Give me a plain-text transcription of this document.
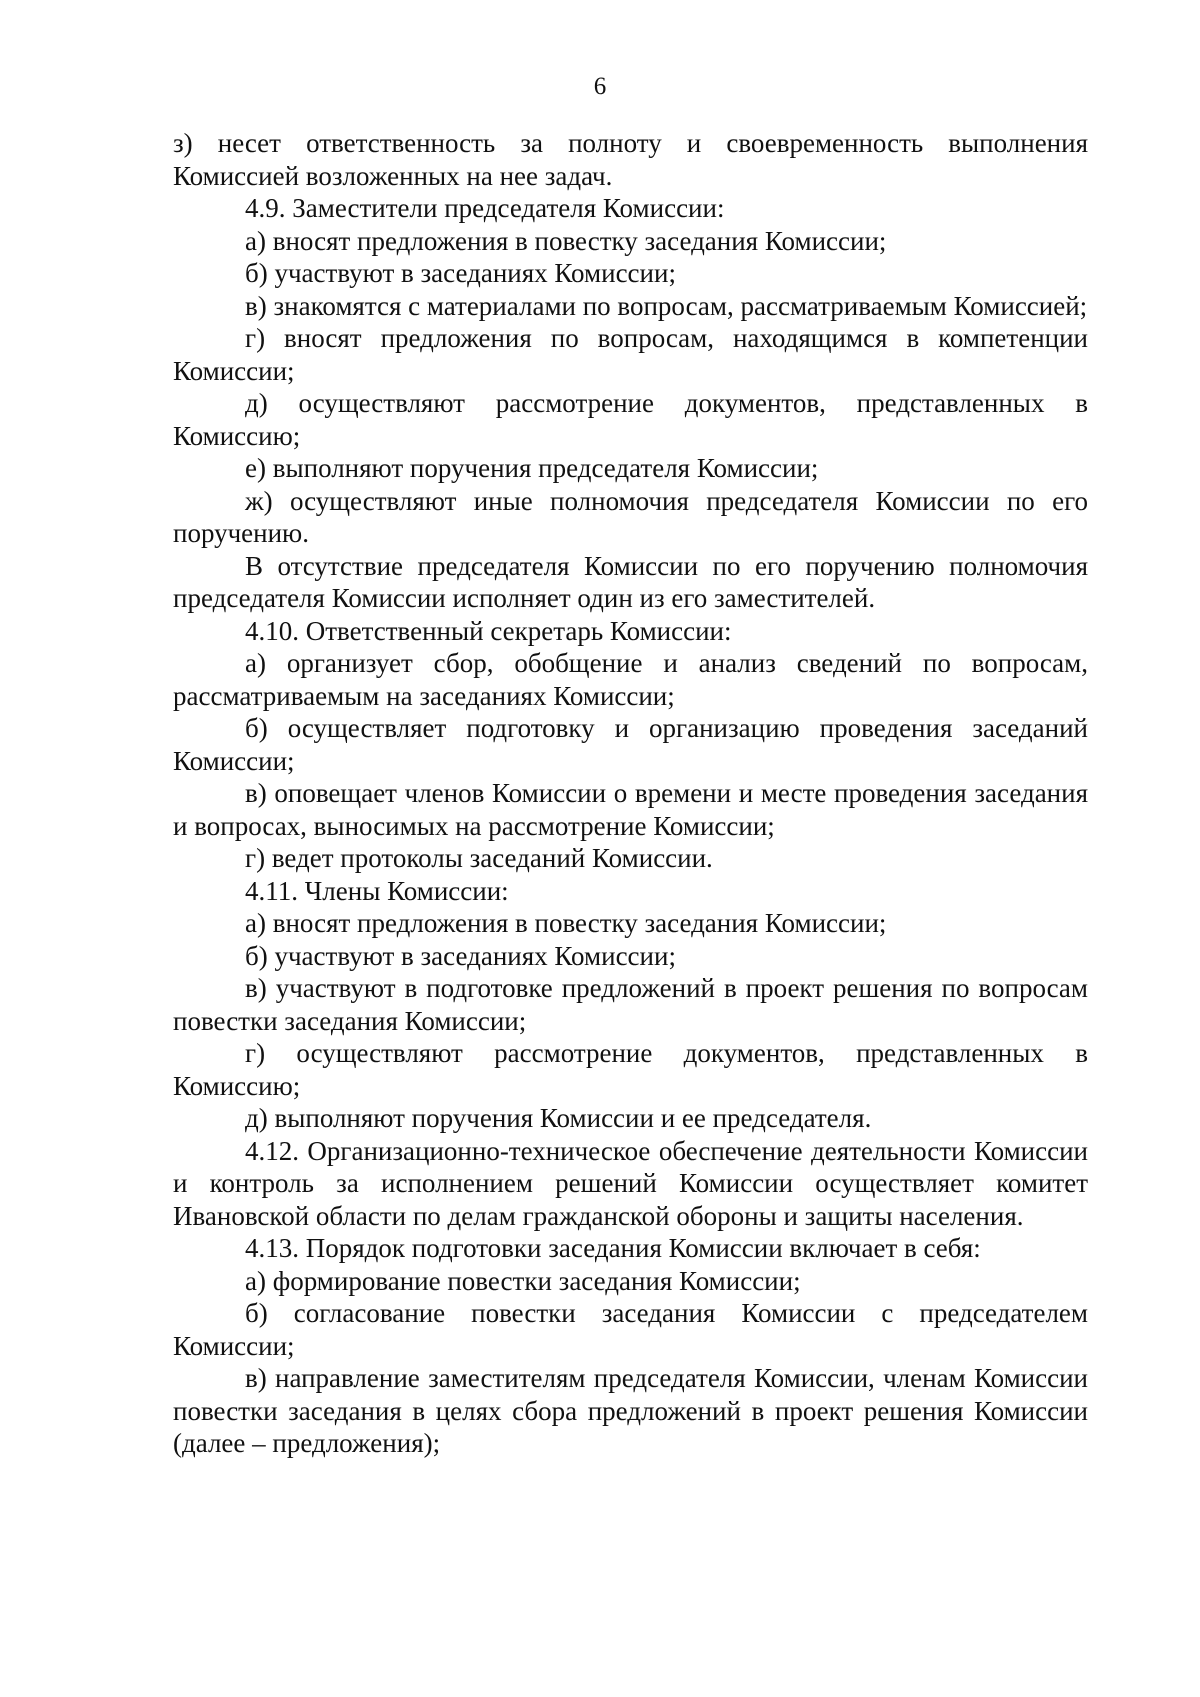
6

з) несет ответственность за полноту и своевременность выполнения Комиссией возложенных на нее задач.

4.9. Заместители председателя Комиссии:

а) вносят предложения в повестку заседания Комиссии;

б) участвуют в заседаниях Комиссии;

в) знакомятся с материалами по вопросам, рассматриваемым Комиссией;

г) вносят предложения по вопросам, находящимся в компетенции Комиссии;

д) осуществляют рассмотрение документов, представленных в Комиссию;

е) выполняют поручения председателя Комиссии;

ж) осуществляют иные полномочия председателя Комиссии по его поручению.

В отсутствие председателя Комиссии по его поручению полномочия председателя Комиссии исполняет один из его заместителей.

4.10. Ответственный секретарь Комиссии:

а) организует сбор, обобщение и анализ сведений по вопросам, рассматриваемым на заседаниях Комиссии;

б) осуществляет подготовку и организацию проведения заседаний Комиссии;

в) оповещает членов Комиссии о времени и месте проведения заседания и вопросах, выносимых на рассмотрение Комиссии;

г) ведет протоколы заседаний Комиссии.

4.11. Члены Комиссии:

а) вносят предложения в повестку заседания Комиссии;

б) участвуют в заседаниях Комиссии;

в) участвуют в подготовке предложений в проект решения по вопросам повестки заседания Комиссии;

г) осуществляют рассмотрение документов, представленных в Комиссию;

д) выполняют поручения Комиссии и ее председателя.

4.12. Организационно-техническое обеспечение деятельности Комиссии и контроль за исполнением решений Комиссии осуществляет комитет Ивановской области по делам гражданской обороны и защиты населения.

4.13. Порядок подготовки заседания Комиссии включает в себя:

а) формирование повестки заседания Комиссии;

б) согласование повестки заседания Комиссии с председателем Комиссии;

в) направление заместителям председателя Комиссии, членам Комиссии повестки заседания в целях сбора предложений в проект решения Комиссии (далее – предложения);
